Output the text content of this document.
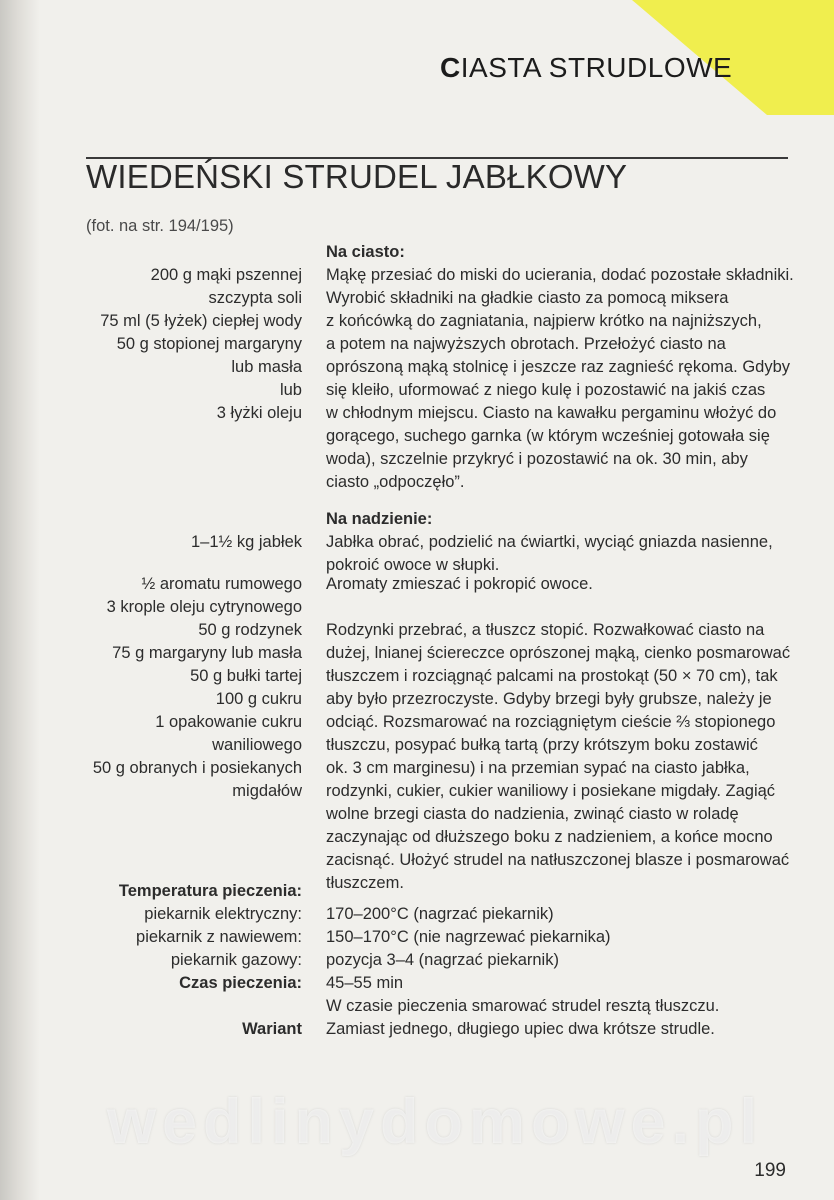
CIASTA STRUDLOWE
WIEDEŃSKI STRUDEL JABŁKOWY
(fot. na str. 194/195)
Na ciasto:
200 g mąki pszennej
szczypta soli
75 ml (5 łyżek) ciepłej wody
50 g stopionej margaryny
lub masła
lub
3 łyżki oleju
Mąkę przesiać do miski do ucierania, dodać pozostałe składniki.
Wyrobić składniki na gładkie ciasto za pomocą miksera
z końcówką do zagniatania, najpierw krótko na najniższych,
a potem na najwyższych obrotach. Przełożyć ciasto na
oprószoną mąką stolnicę i jeszcze raz zagnieść rękoma. Gdyby
się kleiło, uformować z niego kulę i pozostawić na jakiś czas
w chłodnym miejscu. Ciasto na kawałku pergaminu włożyć do
gorącego, suchego garnka (w którym wcześniej gotowała się
woda), szczelnie przykryć i pozostawić na ok. 30 min, aby
ciasto „odpoczęło”.
Na nadzienie:
1–1½ kg jabłek Jabłka obrać, podzielić na ćwiartki, wyciąć gniazda nasienne,
pokroić owoce w słupki.
½ aromatu rumowego
3 krople oleju cytrynowego
50 g rodzynek
75 g margaryny lub masła
50 g bułki tartej
100 g cukru
1 opakowanie cukru
waniliowego
50 g obranych i posiekanych
migdałów
Aromaty zmieszać i pokropić owoce.
Rodzynki przebrać, a tłuszcz stopić. Rozwałkować ciasto na
dużej, lnianej ściereczce oprószonej mąką, cienko posmarować
tłuszczem i rozciągnąć palcami na prostokąt (50 × 70 cm), tak
aby było przezroczyste. Gdyby brzegi były grubsze, należy je
odciąć. Rozsmarować na rozciągniętym cieście ⅔ stopionego
tłuszczu, posypać bułką tartą (przy krótszym boku zostawić
ok. 3 cm marginesu) i na przemian sypać na ciasto jabłka,
rodzynki, cukier, cukier waniliowy i posiekane migdały. Zagiąć
wolne brzegi ciasta do nadzienia, zwinąć ciasto w roladę
zaczynając od dłuższego boku z nadzieniem, a końce mocno
zacisnąć. Ułożyć strudel na natłuszczonej blasze i posmarować
tłuszczem.
Temperatura pieczenia:
piekarnik elektryczny:
piekarnik z nawiewem:
piekarnik gazowy:
Czas pieczenia:
Wariant
170–200°C (nagrzać piekarnik)
150–170°C (nie nagrzewać piekarnika)
pozycja 3–4 (nagrzać piekarnik)
45–55 min
W czasie pieczenia smarować strudel resztą tłuszczu.
Zamiast jednego, długiego upiec dwa krótsze strudle.
wedlinydomowe.pl
199
